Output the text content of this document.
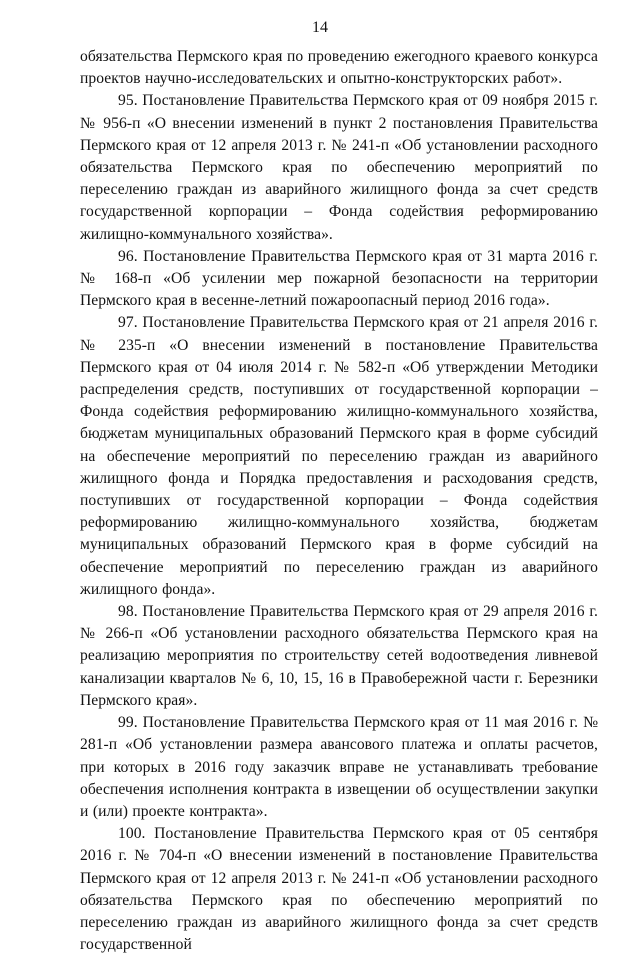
14

обязательства Пермского края по проведению ежегодного краевого конкурса проектов научно-исследовательских и опытно-конструкторских работ».

95. Постановление Правительства Пермского края от 09 ноября 2015 г. № 956-п «О внесении изменений в пункт 2 постановления Правительства Пермского края от 12 апреля 2013 г. № 241-п «Об установлении расходного обязательства Пермского края по обеспечению мероприятий по переселению граждан из аварийного жилищного фонда за счет средств государственной корпорации – Фонда содействия реформированию жилищно-коммунального хозяйства».

96. Постановление Правительства Пермского края от 31 марта 2016 г. № 168-п «Об усилении мер пожарной безопасности на территории Пермского края в весенне-летний пожароопасный период 2016 года».

97. Постановление Правительства Пермского края от 21 апреля 2016 г. № 235-п «О внесении изменений в постановление Правительства Пермского края от 04 июля 2014 г. № 582-п «Об утверждении Методики распределения средств, поступивших от государственной корпорации – Фонда содействия реформированию жилищно-коммунального хозяйства, бюджетам муниципальных образований Пермского края в форме субсидий на обеспечение мероприятий по переселению граждан из аварийного жилищного фонда и Порядка предоставления и расходования средств, поступивших от государственной корпорации – Фонда содействия реформированию жилищно-коммунального хозяйства, бюджетам муниципальных образований Пермского края в форме субсидий на обеспечение мероприятий по переселению граждан из аварийного жилищного фонда».

98. Постановление Правительства Пермского края от 29 апреля 2016 г. № 266-п «Об установлении расходного обязательства Пермского края на реализацию мероприятия по строительству сетей водоотведения ливневой канализации кварталов № 6, 10, 15, 16 в Правобережной части г. Березники Пермского края».

99. Постановление Правительства Пермского края от 11 мая 2016 г. № 281-п «Об установлении размера авансового платежа и оплаты расчетов, при которых в 2016 году заказчик вправе не устанавливать требование обеспечения исполнения контракта в извещении об осуществлении закупки и (или) проекте контракта».

100. Постановление Правительства Пермского края от 05 сентября 2016 г. № 704-п «О внесении изменений в постановление Правительства Пермского края от 12 апреля 2013 г. № 241-п «Об установлении расходного обязательства Пермского края по обеспечению мероприятий по переселению граждан из аварийного жилищного фонда за счет средств государственной
